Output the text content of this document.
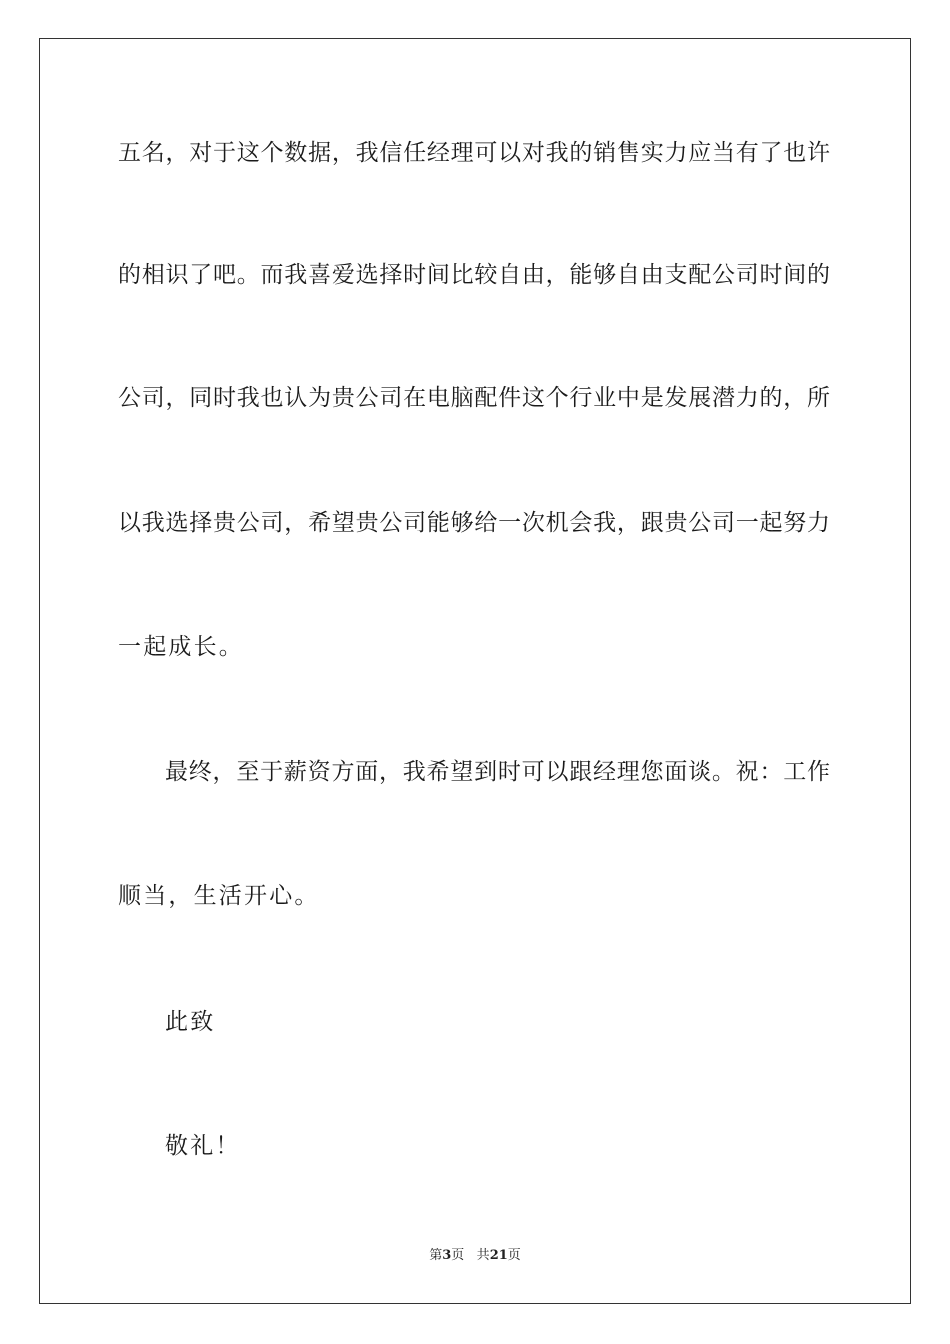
五名，对于这个数据，我信任经理可以对我的销售实力应当有了也许
的相识了吧。而我喜爱选择时间比较自由，能够自由支配公司时间的
公司，同时我也认为贵公司在电脑配件这个行业中是发展潜力的，所
以我选择贵公司，希望贵公司能够给一次机会我，跟贵公司一起努力
一起成长。
最终，至于薪资方面，我希望到时可以跟经理您面谈。祝：工作
顺当，生活开心。
此致
敬礼！
第3页 共21页
